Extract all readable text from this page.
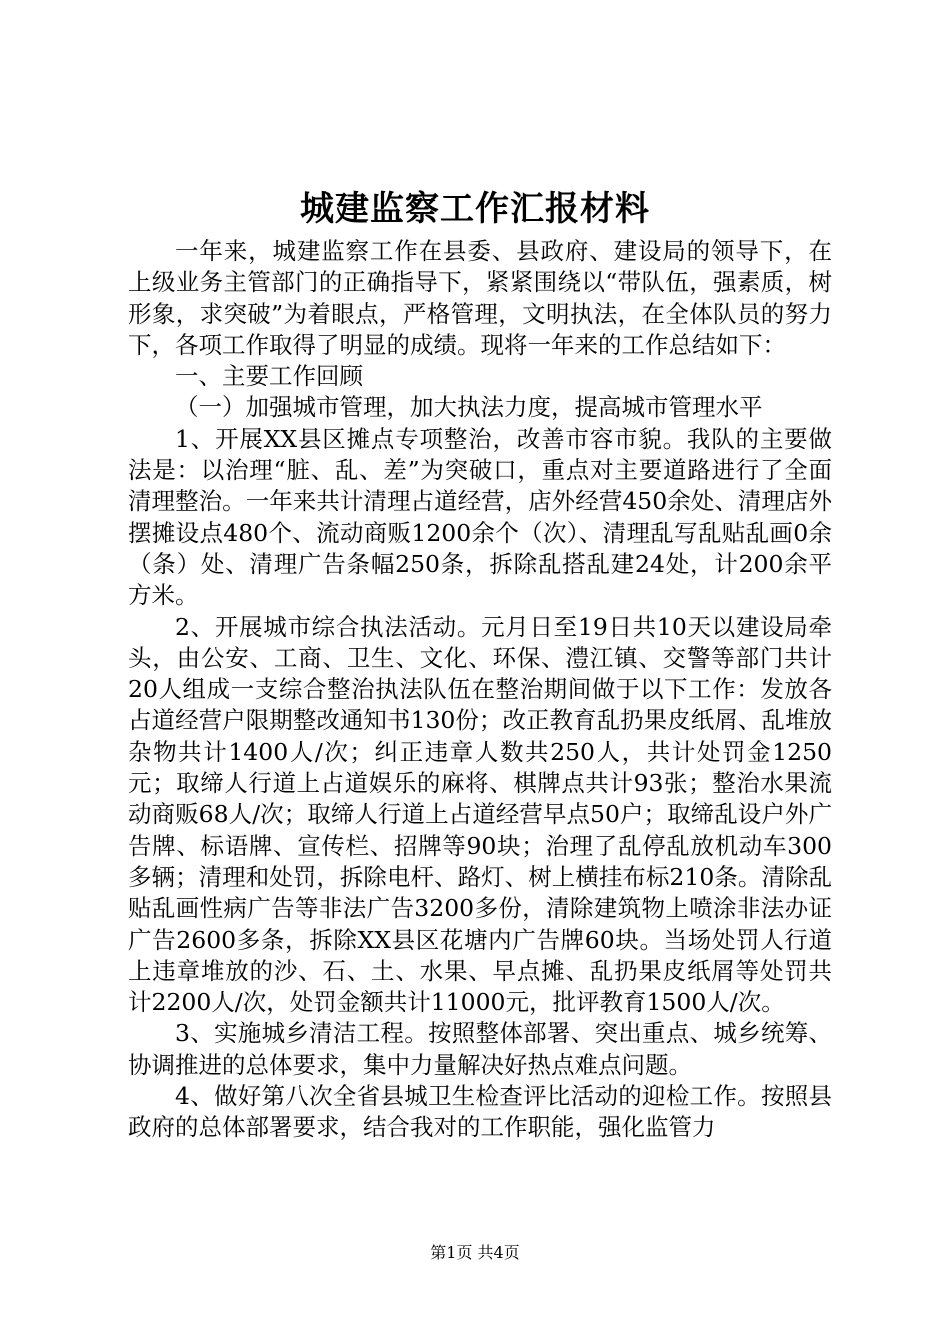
城建监察工作汇报材料

一年来，城建监察工作在县委、县政府、建设局的领导下，在上级业务主管部门的正确指导下，紧紧围绕以“带队伍，强素质，树形象，求突破”为着眼点，严格管理，文明执法，在全体队员的努力下，各项工作取得了明显的成绩。现将一年来的工作总结如下：

一、主要工作回顾

（一）加强城市管理，加大执法力度，提高城市管理水平

1、开展XX县区摊点专项整治，改善市容市貌。我队的主要做法是：以治理“脏、乱、差”为突破口，重点对主要道路进行了全面清理整治。一年来共计清理占道经营，店外经营450余处、清理店外摆摊设点480个、流动商贩1200余个（次）、清理乱写乱贴乱画0余（条）处、清理广告条幅250条，拆除乱搭乱建24处，计200余平方米。

2、开展城市综合执法活动。元月日至19日共10天以建设局牵头，由公安、工商、卫生、文化、环保、澧江镇、交警等部门共计20人组成一支综合整治执法队伍在整治期间做于以下工作：发放各占道经营户限期整改通知书130份；改正教育乱扔果皮纸屑、乱堆放杂物共计1400人/次；纠正违章人数共250人，共计处罚金1250元；取缔人行道上占道娱乐的麻将、棋牌点共计93张；整治水果流动商贩68人/次；取缔人行道上占道经营早点50户；取缔乱设户外广告牌、标语牌、宣传栏、招牌等90块；治理了乱停乱放机动车300多辆；清理和处罚，拆除电杆、路灯、树上横挂布标210条。清除乱贴乱画性病广告等非法广告3200多份，清除建筑物上喷涂非法办证广告2600多条，拆除XX县区花塘内广告牌60块。当场处罚人行道上违章堆放的沙、石、土、水果、早点摊、乱扔果皮纸屑等处罚共计2200人/次，处罚金额共计11000元，批评教育1500人/次。

3、实施城乡清洁工程。按照整体部署、突出重点、城乡统筹、协调推进的总体要求，集中力量解决好热点难点问题。

4、做好第八次全省县城卫生检查评比活动的迎检工作。按照县政府的总体部署要求，结合我对的工作职能，强化监管力

第1页 共4页
